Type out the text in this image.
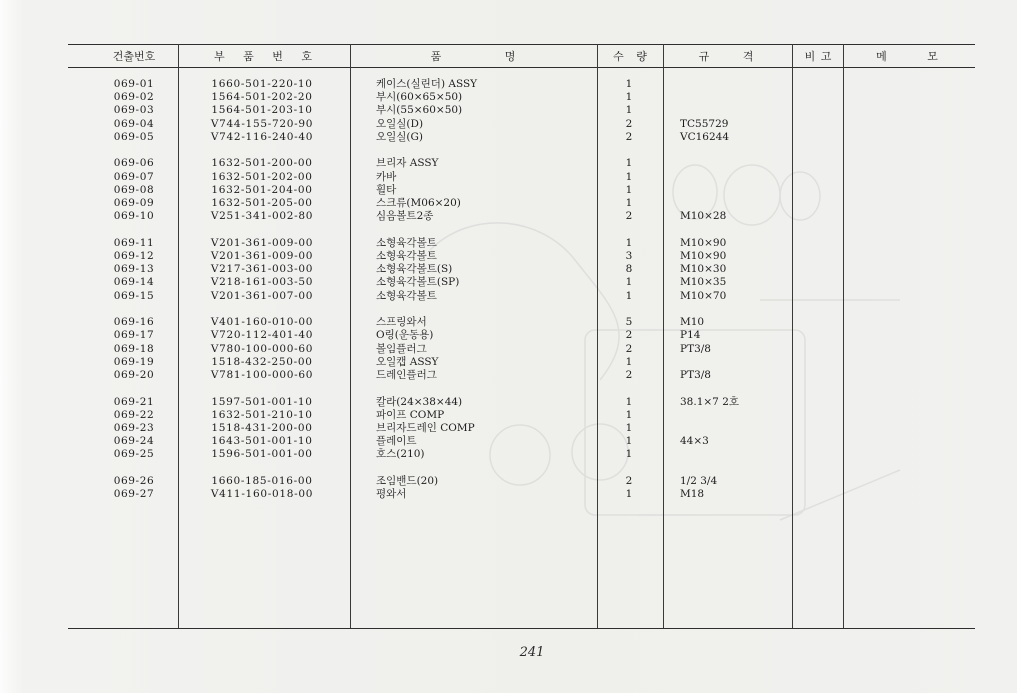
건출번호	부 품 번 호	품 명	수 량	규 격	비 고	메 모
069-01	1660-501-220-10	케이스(실린더) ASSY	1
069-02	1564-501-202-20	부시(60×65×50)	1
069-03	1564-501-203-10	부시(55×60×50)	1
069-04	V744-155-720-90	오일실(D)	2	TC55729
069-05	V742-116-240-40	오일실(G)	2	VC16244
069-06	1632-501-200-00	브리자 ASSY	1
069-07	1632-501-202-00	카바	1
069-08	1632-501-204-00	휠타	1
069-09	1632-501-205-00	스크류(M06×20)	1
069-10	V251-341-002-80	심음볼트2종	2	M10×28
069-11	V201-361-009-00	소형육각볼트	1	M10×90
069-12	V201-361-009-00	소형육각볼트	3	M10×90
069-13	V217-361-003-00	소형육각볼트(S)	8	M10×30
069-14	V218-161-003-50	소형육각볼트(SP)	1	M10×35
069-15	V201-361-007-00	소형육각볼트	1	M10×70
069-16	V401-160-010-00	스프링와서	5	M10
069-17	V720-112-401-40	O링(운동용)	2	P14
069-18	V780-100-000-60	볼임플러그	2	PT3/8
069-19	1518-432-250-00	오일캡 ASSY	1
069-20	V781-100-000-60	드레인플러그	2	PT3/8
069-21	1597-501-001-10	칼라(24×38×44)	1	38.1×7 2호
069-22	1632-501-210-10	파이프 COMP	1
069-23	1518-431-200-00	브리자드레인 COMP	1
069-24	1643-501-001-10	플레이트	1	44×3
069-25	1596-501-001-00	호스(210)	1
069-26	1660-185-016-00	조임밴드(20)	2	1/2 3/4
069-27	V411-160-018-00	평와서	1	M18
241
